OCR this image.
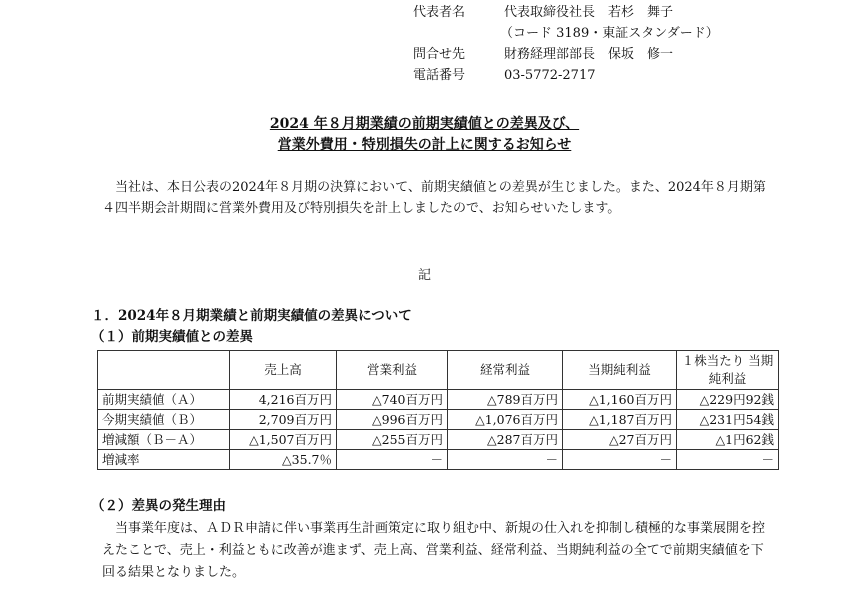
代表者名	代表取締役社長　若杉　舞子
（コード 3189・東証スタンダード）
問合せ先	財務経理部部長　保坂　修一
電話番号	03-5772-2717
2024 年８月期業績の前期実績値との差異及び、
営業外費用・特別損失の計上に関するお知らせ
当社は、本日公表の2024年８月期の決算において、前期実績値との差異が生じました。また、2024年８月期第４四半期会計期間に営業外費用及び特別損失を計上しましたので、お知らせいたします。
記
１．2024年８月期業績と前期実績値の差異について
（１）前期実績値との差異
	売上高	営業利益	経常利益	当期純利益	１株当たり 当期純利益
前期実績値（Ａ）	4,216百万円	△740百万円	△789百万円	△1,160百万円	△229円92銭
今期実績値（Ｂ）	2,709百万円	△996百万円	△1,076百万円	△1,187百万円	△231円54銭
増減額（Ｂ－Ａ）	△1,507百万円	△255百万円	△287百万円	△27百万円	△1円62銭
増減率	△35.7％	－	－	－	－
（２）差異の発生理由
当事業年度は、ＡＤＲ申請に伴い事業再生計画策定に取り組む中、新規の仕入れを抑制し積極的な事業展開を控えたことで、売上・利益ともに改善が進まず、売上高、営業利益、経常利益、当期純利益の全てで前期実績値を下回る結果となりました。
